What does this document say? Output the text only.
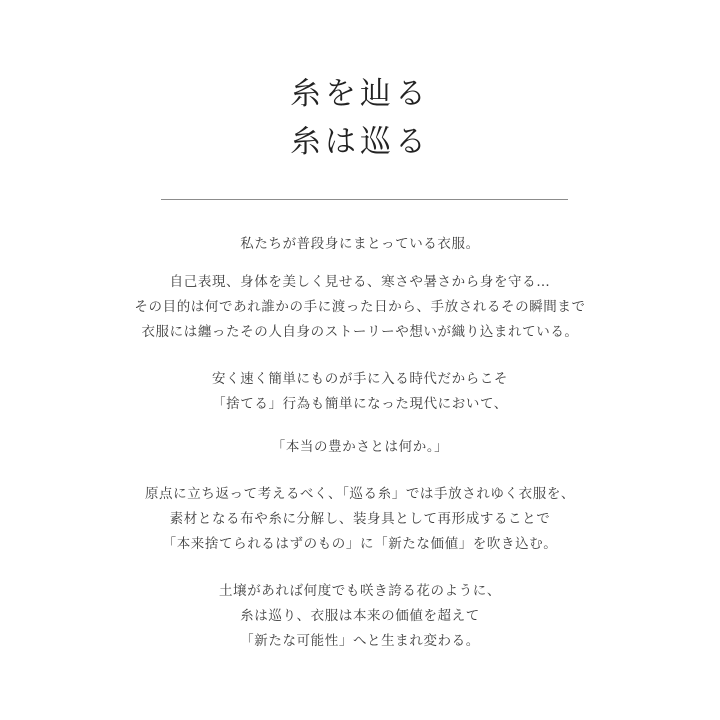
糸を辿る
糸は巡る
私たちが普段身にまとっている衣服。
自己表現、身体を美しく見せる、寒さや暑さから身を守る…
その目的は何であれ誰かの手に渡った日から、手放されるその瞬間まで
衣服には纏ったその人自身のストーリーや想いが織り込まれている。
安く速く簡単にものが手に入る時代だからこそ
「捨てる」行為も簡単になった現代において、
「本当の豊かさとは何か。」
原点に立ち返って考えるべく、「巡る糸」では手放されゆく衣服を、
素材となる布や糸に分解し、装身具として再形成することで
「本来捨てられるはずのもの」に「新たな価値」を吹き込む。
土壌があれば何度でも咲き誇る花のように、
糸は巡り、衣服は本来の価値を超えて
「新たな可能性」へと生まれ変わる。
